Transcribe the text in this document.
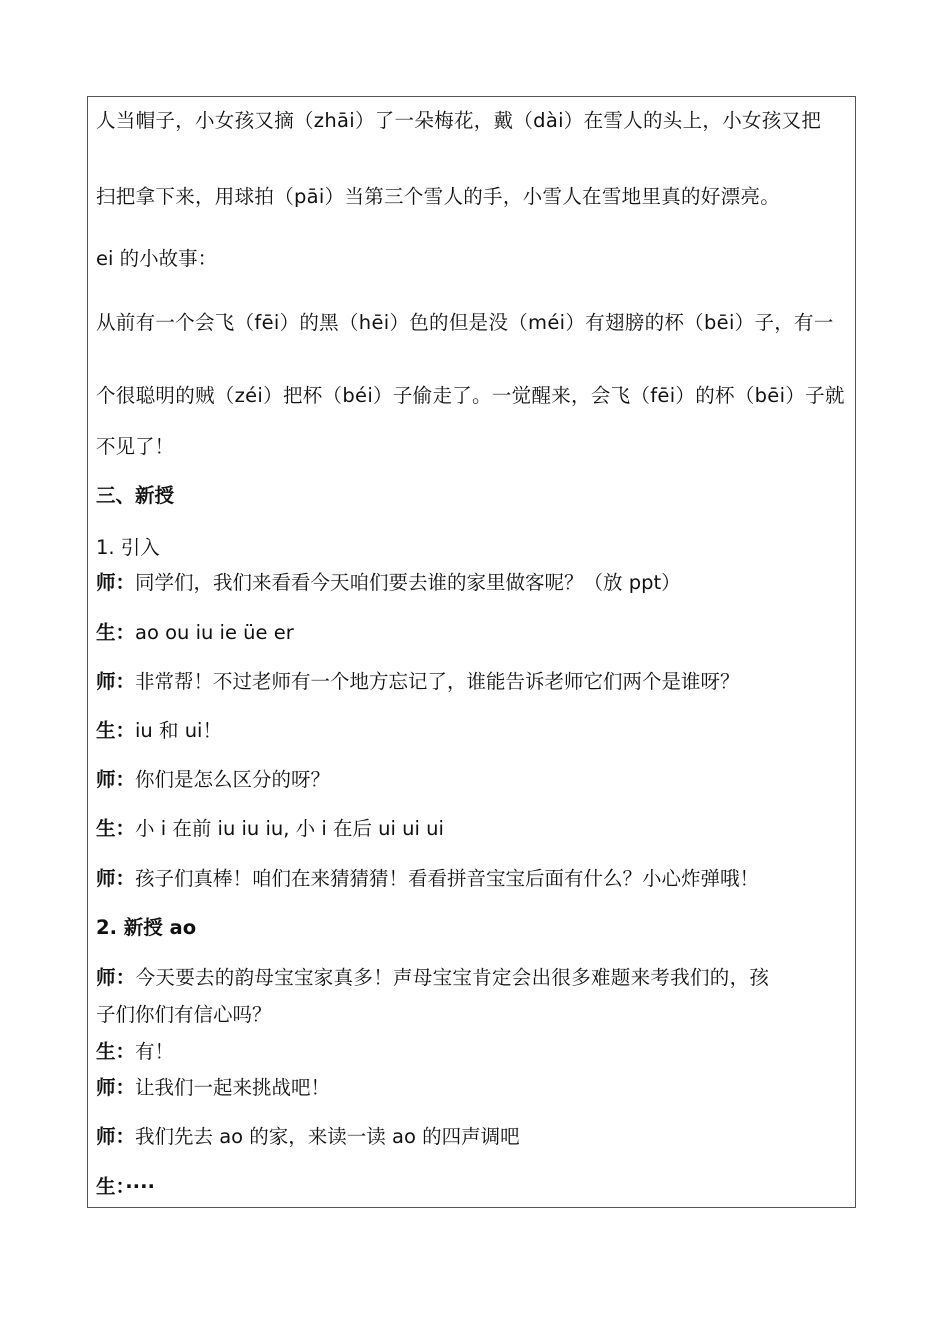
人当帽子，小女孩又摘（zhāi）了一朵梅花，戴（dài）在雪人的头上，小女孩又把
扫把拿下来，用球拍（pāi）当第三个雪人的手，小雪人在雪地里真的好漂亮。
ei 的小故事：
从前有一个会飞（fēi）的黑（hēi）色的但是没（méi）有翅膀的杯（bēi）子，有一
个很聪明的贼（zéi）把杯（béi）子偷走了。一觉醒来，会飞（fēi）的杯（bēi）子就
不见了！
三、新授
1. 引入
师：同学们，我们来看看今天咱们要去谁的家里做客呢？（放 ppt）
生：ao ou iu ie üe er
师：非常帮！不过老师有一个地方忘记了，谁能告诉老师它们两个是谁呀？
生：iu 和 ui！
师：你们是怎么区分的呀？
生：小 i 在前 iu iu iu, 小 i 在后 ui ui ui
师：孩子们真棒！咱们在来猜猜猜！看看拼音宝宝后面有什么？小心炸弹哦！
2. 新授 ao
师：今天要去的韵母宝宝家真多！声母宝宝肯定会出很多难题来考我们的，孩
子们你们有信心吗？
生：有！
师：让我们一起来挑战吧！
师：我们先去 ao 的家，来读一读 ao 的四声调吧
生：····
